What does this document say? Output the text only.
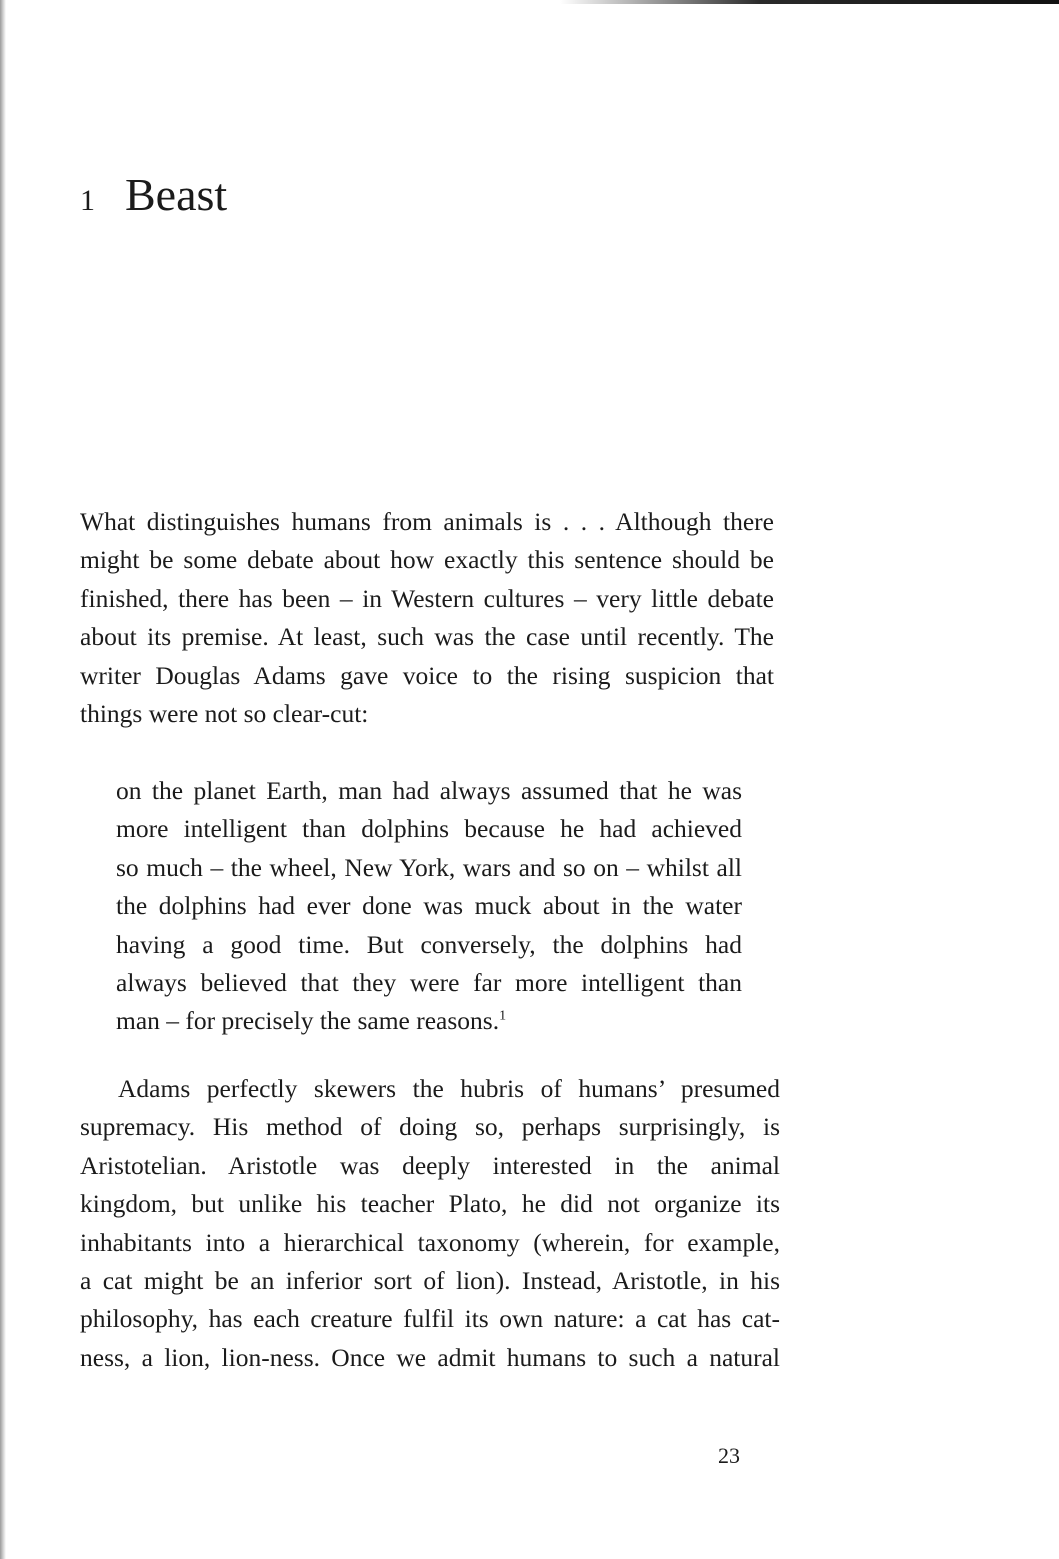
1 Beast
What distinguishes humans from animals is . . . Although there
might be some debate about how exactly this sentence should be
finished, there has been – in Western cultures – very little debate
about its premise. At least, such was the case until recently. The
writer Douglas Adams gave voice to the rising suspicion that
things were not so clear-cut:
on the planet Earth, man had always assumed that he was
more intelligent than dolphins because he had achieved
so much – the wheel, New York, wars and so on – whilst all
the dolphins had ever done was muck about in the water
having a good time. But conversely, the dolphins had
always believed that they were far more intelligent than
man – for precisely the same reasons.$^1$
Adams perfectly skewers the hubris of humans’ presumed
supremacy. His method of doing so, perhaps surprisingly, is
Aristotelian. Aristotle was deeply interested in the animal
kingdom, but unlike his teacher Plato, he did not organize its
inhabitants into a hierarchical taxonomy (wherein, for example,
a cat might be an inferior sort of lion). Instead, Aristotle, in his
philosophy, has each creature fulfil its own nature: a cat has cat-
ness, a lion, lion-ness. Once we admit humans to such a natural
23
